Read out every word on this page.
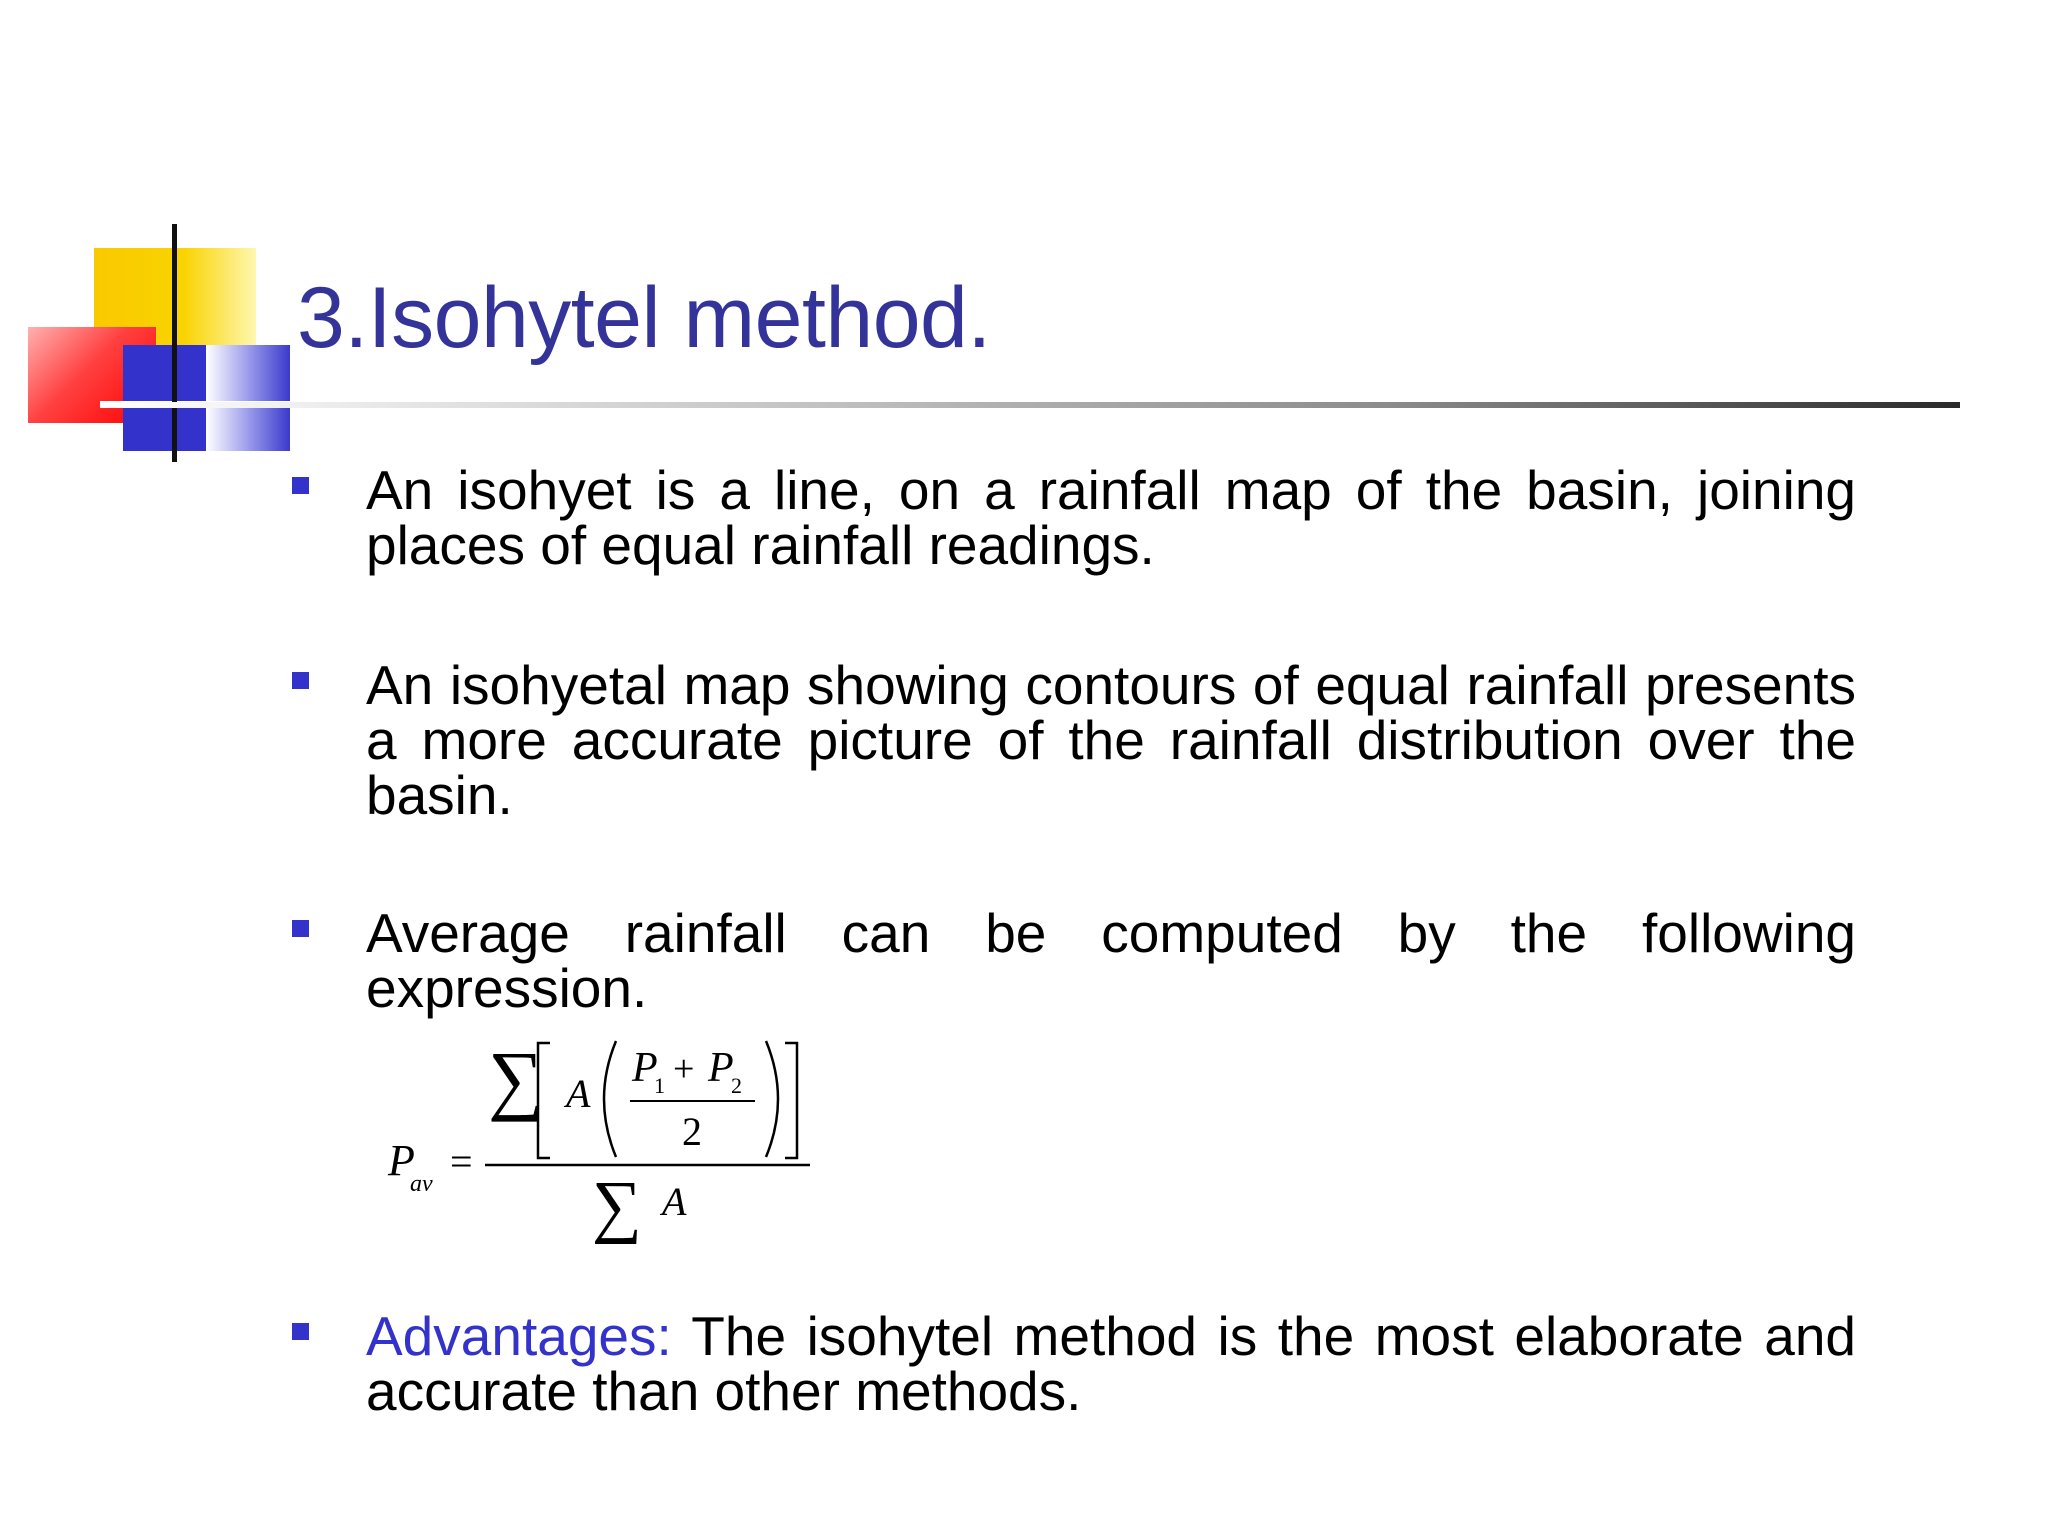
3.Isohytel method.

An isohyet is a line, on a rainfall map of the basin, joining places of equal rainfall readings.

An isohyetal map showing contours of equal rainfall presents a more accurate picture of the rainfall distribution over the basin.

Average rainfall can be computed by the following expression.

∑ A
P
1 + P
2
2
∑ A
P
av =

Advantages: The isohytel method is the most elaborate and accurate than other methods.
